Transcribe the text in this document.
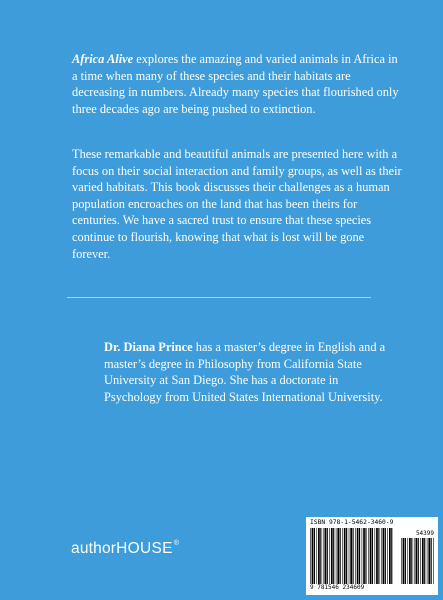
Africa Alive explores the amazing and varied animals in Africa in a time when many of these species and their habitats are decreasing in numbers. Already many species that flourished only three decades ago are being pushed to extinction.

These remarkable and beautiful animals are presented here with a focus on their social interaction and family groups, as well as their varied habitats. This book discusses their challenges as a human population encroaches on the land that has been theirs for centuries. We have a sacred trust to ensure that these species continue to flourish, knowing that what is lost will be gone forever.

Dr. Diana Prince has a master’s degree in English and a master’s degree in Philosophy from California State University at San Diego. She has a doctorate in Psychology from United States International University.

authorHOUSE®
ISBN 978-1-5462-3460-9
54399
9 781546 234609
